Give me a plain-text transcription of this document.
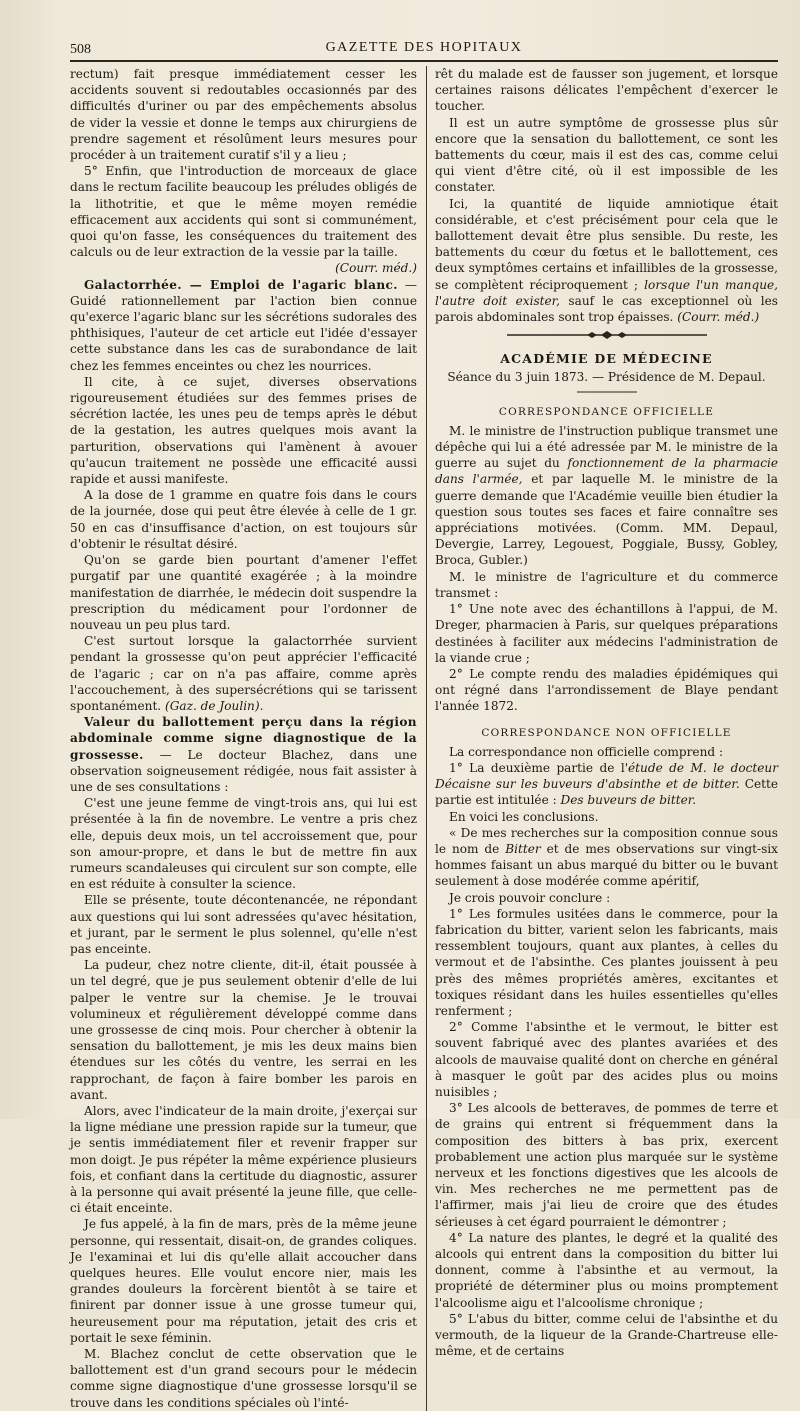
508	GAZETTE DES HOPITAUX

rectum) fait presque immédiatement cesser les accidents souvent si redoutables occasionnés par des difficultés d'uriner ou par des empêchements absolus de vider la vessie et donne le temps aux chirurgiens de prendre sagement et résolûment leurs mesures pour procéder à un traitement curatif s'il y a lieu ;

5° Enfin, que l'introduction de morceaux de glace dans le rectum facilite beaucoup les préludes obligés de la lithotritie, et que le même moyen remédie efficacement aux accidents qui sont si communément, quoi qu'on fasse, les conséquences du traitement des calculs ou de leur extraction de la vessie par la taille.

(Courr. méd.)

Galactorrhée. — Emploi de l'agaric blanc. — Guidé rationnellement par l'action bien connue qu'exerce l'agaric blanc sur les sécrétions sudorales des phthisiques, l'auteur de cet article eut l'idée d'essayer cette substance dans les cas de surabondance de lait chez les femmes enceintes ou chez les nourrices.

Il cite, à ce sujet, diverses observations rigoureusement étudiées sur des femmes prises de sécrétion lactée, les unes peu de temps après le début de la gestation, les autres quelques mois avant la parturition, observations qui l'amènent à avouer qu'aucun traitement ne possède une efficacité aussi rapide et aussi manifeste.

A la dose de 1 gramme en quatre fois dans le cours de la journée, dose qui peut être élevée à celle de 1 gr. 50 en cas d'insuffisance d'action, on est toujours sûr d'obtenir le résultat désiré.

Qu'on se garde bien pourtant d'amener l'effet purgatif par une quantité exagérée ; à la moindre manifestation de diarrhée, le médecin doit suspendre la prescription du médicament pour l'ordonner de nouveau un peu plus tard.

C'est surtout lorsque la galactorrhée survient pendant la grossesse qu'on peut apprécier l'efficacité de l'agaric ; car on n'a pas affaire, comme après l'accouchement, à des supersécrétions qui se tarissent spontanément. (Gaz. de Joulin).

Valeur du ballottement perçu dans la région abdominale comme signe diagnostique de la grossesse. — Le docteur Blachez, dans une observation soigneusement rédigée, nous fait assister à une de ses consultations :

C'est une jeune femme de vingt-trois ans, qui lui est présentée à la fin de novembre. Le ventre a pris chez elle, depuis deux mois, un tel accroissement que, pour son amour-propre, et dans le but de mettre fin aux rumeurs scandaleuses qui circulent sur son compte, elle en est réduite à consulter la science.

Elle se présente, toute décontenancée, ne répondant aux questions qui lui sont adressées qu'avec hésitation, et jurant, par le serment le plus solennel, qu'elle n'est pas enceinte.

La pudeur, chez notre cliente, dit-il, était poussée à un tel degré, que je pus seulement obtenir d'elle de lui palper le ventre sur la chemise. Je le trouvai volumineux et régulièrement développé comme dans une grossesse de cinq mois. Pour chercher à obtenir la sensation du ballottement, je mis les deux mains bien étendues sur les côtés du ventre, les serrai en les rapprochant, de façon à faire bomber les parois en avant.

Alors, avec l'indicateur de la main droite, j'exerçai sur la ligne médiane une pression rapide sur la tumeur, que je sentis immédiatement filer et revenir frapper sur mon doigt. Je pus répéter la même expérience plusieurs fois, et confiant dans la certitude du diagnostic, assurer à la personne qui avait présenté la jeune fille, que celle-ci était enceinte.

Je fus appelé, à la fin de mars, près de la même jeune personne, qui ressentait, disait-on, de grandes coliques. Je l'examinai et lui dis qu'elle allait accoucher dans quelques heures. Elle voulut encore nier, mais les grandes douleurs la forcèrent bientôt à se taire et finirent par donner issue à une grosse tumeur qui, heureusement pour ma réputation, jetait des cris et portait le sexe féminin.

M. Blachez conclut de cette observation que le ballottement est d'un grand secours pour le médecin comme signe diagnostique d'une grossesse lorsqu'il se trouve dans les conditions spéciales où l'inté-

rêt du malade est de fausser son jugement, et lorsque certaines raisons délicates l'empêchent d'exercer le toucher.

Il est un autre symptôme de grossesse plus sûr encore que la sensation du ballottement, ce sont les battements du cœur, mais il est des cas, comme celui qui vient d'être cité, où il est impossible de les constater.

Ici, la quantité de liquide amniotique était considérable, et c'est précisément pour cela que le ballottement devait être plus sensible. Du reste, les battements du cœur du fœtus et le ballottement, ces deux symptômes certains et infaillibles de la grossesse, se complètent réciproquement ; lorsque l'un manque, l'autre doit exister, sauf le cas exceptionnel où les parois abdominales sont trop épaisses. (Courr. méd.)

ACADÉMIE DE MÉDECINE
Séance du 3 juin 1873. — Présidence de M. Depaul.
CORRESPONDANCE OFFICIELLE

M. le ministre de l'instruction publique transmet une dépêche qui lui a été adressée par M. le ministre de la guerre au sujet du fonctionnement de la pharmacie dans l'armée, et par laquelle M. le ministre de la guerre demande que l'Académie veuille bien étudier la question sous toutes ses faces et faire connaître ses appréciations motivées. (Comm. MM. Depaul, Devergie, Larrey, Legouest, Poggiale, Bussy, Gobley, Broca, Gubler.)

M. le ministre de l'agriculture et du commerce transmet :

1° Une note avec des échantillons à l'appui, de M. Dreger, pharmacien à Paris, sur quelques préparations destinées à faciliter aux médecins l'administration de la viande crue ;

2° Le compte rendu des maladies épidémiques qui ont régné dans l'arrondissement de Blaye pendant l'année 1872.

CORRESPONDANCE NON OFFICIELLE

La correspondance non officielle comprend :

1° La deuxième partie de l'étude de M. le docteur Décaisne sur les buveurs d'absinthe et de bitter. Cette partie est intitulée : Des buveurs de bitter.

En voici les conclusions.

« De mes recherches sur la composition connue sous le nom de Bitter et de mes observations sur vingt-six hommes faisant un abus marqué du bitter ou le buvant seulement à dose modérée comme apéritif,

Je crois pouvoir conclure :

1° Les formules usitées dans le commerce, pour la fabrication du bitter, varient selon les fabricants, mais ressemblent toujours, quant aux plantes, à celles du vermout et de l'absinthe. Ces plantes jouissent à peu près des mêmes propriétés amères, excitantes et toxiques résidant dans les huiles essentielles qu'elles renferment ;

2° Comme l'absinthe et le vermout, le bitter est souvent fabriqué avec des plantes avariées et des alcools de mauvaise qualité dont on cherche en général à masquer le goût par des acides plus ou moins nuisibles ;

3° Les alcools de betteraves, de pommes de terre et de grains qui entrent si fréquemment dans la composition des bitters à bas prix, exercent probablement une action plus marquée sur le système nerveux et les fonctions digestives que les alcools de vin. Mes recherches ne me permettent pas de l'affirmer, mais j'ai lieu de croire que des études sérieuses à cet égard pourraient le démontrer ;

4° La nature des plantes, le degré et la qualité des alcools qui entrent dans la composition du bitter lui donnent, comme à l'absinthe et au vermout, la propriété de déterminer plus ou moins promptement l'alcoolisme aigu et l'alcoolisme chronique ;

5° L'abus du bitter, comme celui de l'absinthe et du vermouth, de la liqueur de la Grande-Chartreuse elle-même, et de certains
